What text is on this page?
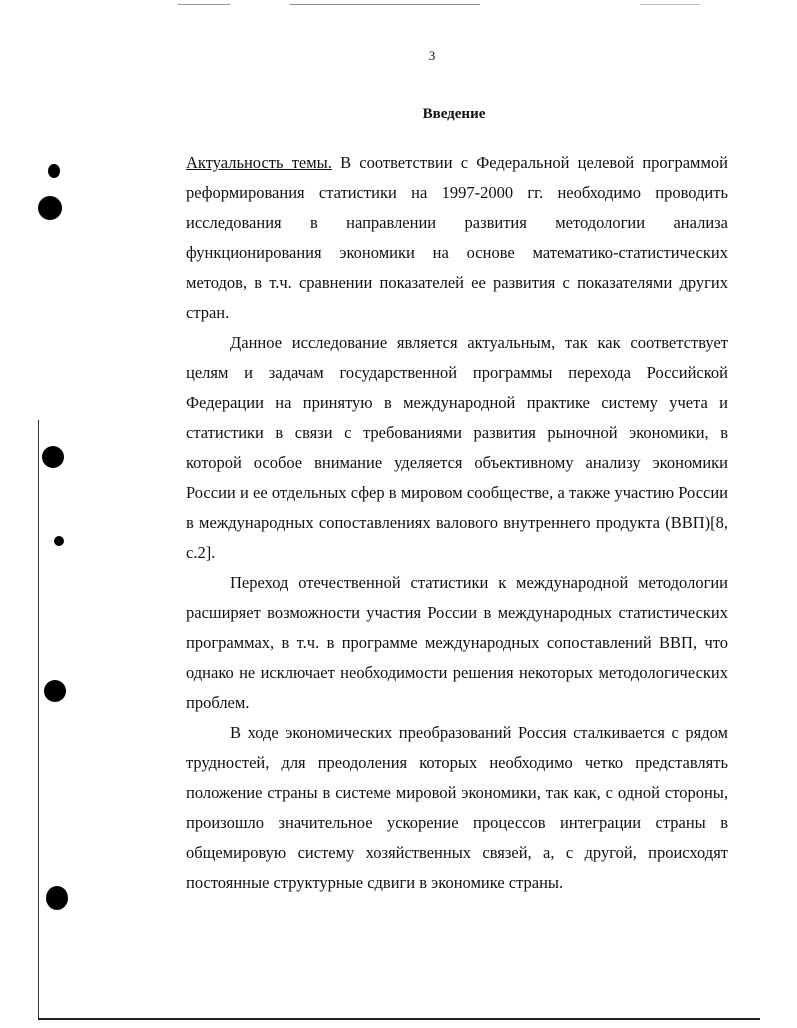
3
Введение

Актуальность темы. В соответствии с Федеральной целевой программой реформирования статистики на 1997-2000 гг. необходимо проводить исследования в направлении развития методологии анализа функционирования экономики на основе математико-статистических методов, в т.ч. сравнении показателей ее развития с показателями других стран.

Данное исследование является актуальным, так как соответствует целям и задачам государственной программы перехода Российской Федерации на принятую в международной практике систему учета и статистики в связи с требованиями развития рыночной экономики, в которой особое внимание уделяется объективному анализу экономики России и ее отдельных сфер в мировом сообществе, а также участию России в международных сопоставлениях валового внутреннего продукта (ВВП)[8, с.2].

Переход отечественной статистики к международной методологии расширяет возможности участия России в международных статистических программах, в т.ч. в программе международных сопоставлений ВВП, что однако не исключает необходимости решения некоторых методологических проблем.

В ходе экономических преобразований Россия сталкивается с рядом трудностей, для преодоления которых необходимо четко представлять положение страны в системе мировой экономики, так как, с одной стороны, произошло значительное ускорение процессов интеграции страны в общемировую систему хозяйственных связей, а, с другой, происходят постоянные структурные сдвиги в экономике страны.
